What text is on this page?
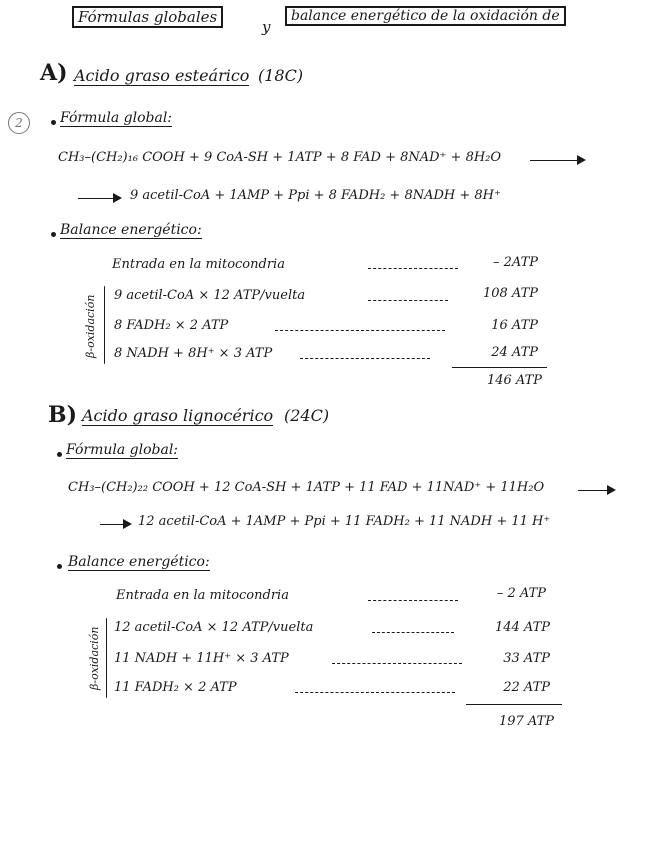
Fórmulas globales
y
balance energético de la oxidación de
2
A) Acido graso esteárico (18C)
Fórmula global:
CH₃–(CH₂)₁₆ COOH + 9 CoA-SH + 1ATP + 8 FAD + 8NAD⁺ + 8H₂O
9 acetil-CoA + 1AMP + Ppi + 8 FADH₂ + 8NADH + 8H⁺
Balance energético:
Entrada en la mitocondria	– 2ATP
β-oxidación 9 acetil-CoA × 12 ATP/vuelta	108 ATP
8 FADH₂ × 2 ATP	16 ATP
8 NADH + 8H⁺ × 3 ATP	24 ATP
146 ATP
B) Acido graso lignocérico (24C)
Fórmula global:
CH₃–(CH₂)₂₂ COOH + 12 CoA-SH + 1ATP + 11 FAD + 11NAD⁺ + 11H₂O
12 acetil-CoA + 1AMP + Ppi + 11 FADH₂ + 11 NADH + 11 H⁺
Balance energético:
Entrada en la mitocondria	– 2 ATP
β-oxidación 12 acetil-CoA × 12 ATP/vuelta	144 ATP
11 NADH + 11H⁺ × 3 ATP	33 ATP
11 FADH₂ × 2 ATP	22 ATP
197 ATP
